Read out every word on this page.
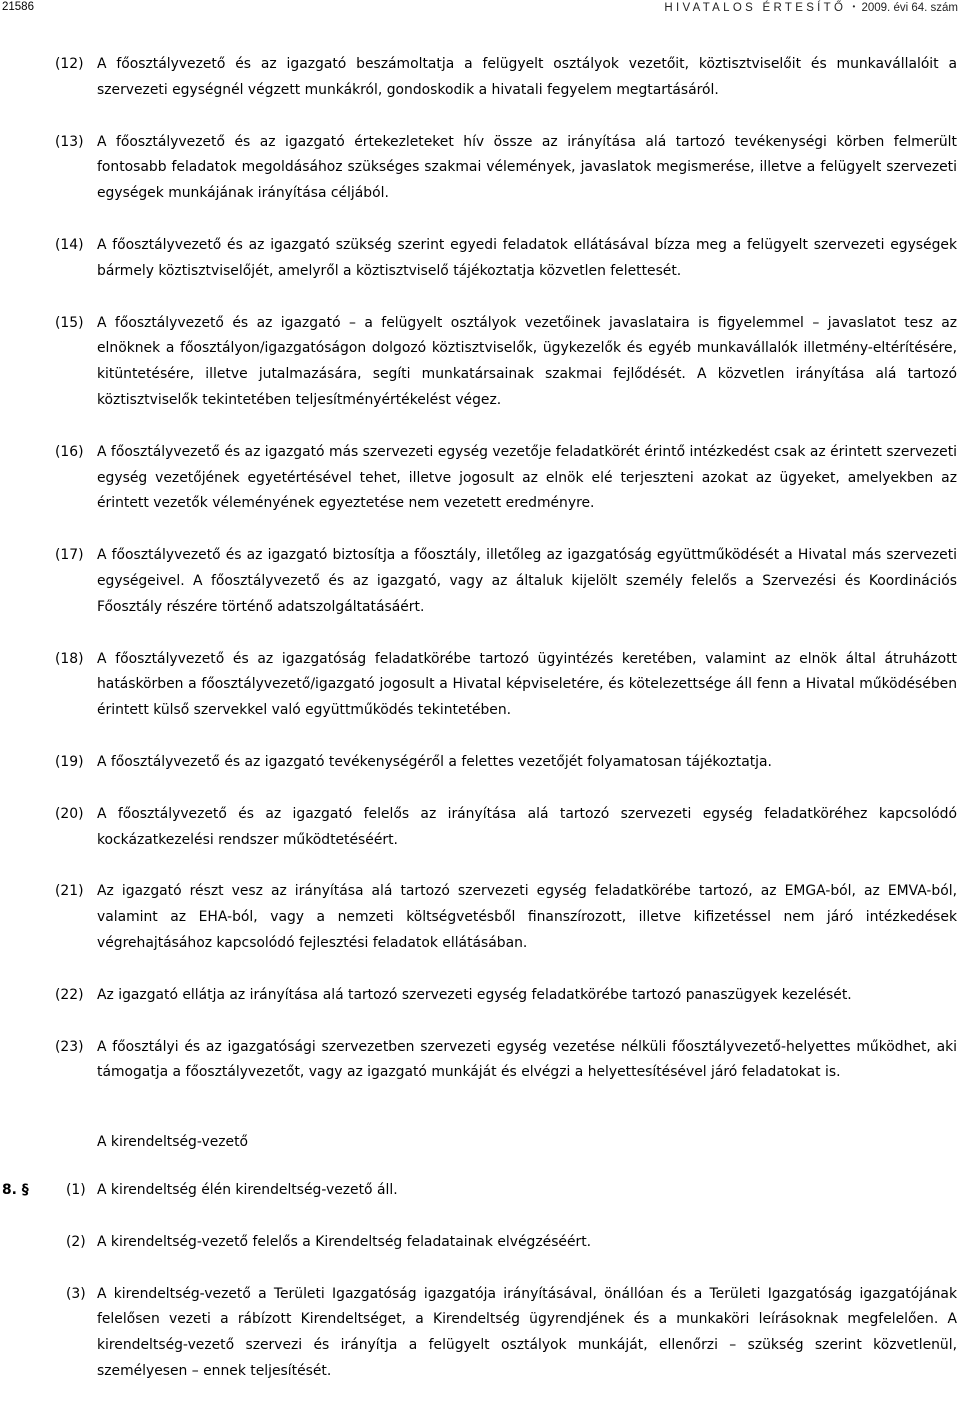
21586	HIVATALOS ÉRTESÍTŐ • 2009. évi 64. szám
(12) A főosztályvezető és az igazgató beszámoltatja a felügyelt osztályok vezetőit, köztisztviselőit és munkavállalóit a szervezeti egységnél végzett munkákról, gondoskodik a hivatali fegyelem megtartásáról.
(13) A főosztályvezető és az igazgató értekezleteket hív össze az irányítása alá tartozó tevékenységi körben felmerült fontosabb feladatok megoldásához szükséges szakmai vélemények, javaslatok megismerése, illetve a felügyelt szervezeti egységek munkájának irányítása céljából.
(14) A főosztályvezető és az igazgató szükség szerint egyedi feladatok ellátásával bízza meg a felügyelt szervezeti egységek bármely köztisztviselőjét, amelyről a köztisztviselő tájékoztatja közvetlen felettesét.
(15) A főosztályvezető és az igazgató – a felügyelt osztályok vezetőinek javaslataira is figyelemmel – javaslatot tesz az elnöknek a főosztályon/igazgatóságon dolgozó köztisztviselők, ügykezelők és egyéb munkavállalók illetmény-eltérítésére, kitüntetésére, illetve jutalmazására, segíti munkatársainak szakmai fejlődését. A közvetlen irányítása alá tartozó köztisztviselők tekintetében teljesítményértékelést végez.
(16) A főosztályvezető és az igazgató más szervezeti egység vezetője feladatkörét érintő intézkedést csak az érintett szervezeti egység vezetőjének egyetértésével tehet, illetve jogosult az elnök elé terjeszteni azokat az ügyeket, amelyekben az érintett vezetők véleményének egyeztetése nem vezetett eredményre.
(17) A főosztályvezető és az igazgató biztosítja a főosztály, illetőleg az igazgatóság együttműködését a Hivatal más szervezeti egységeivel. A főosztályvezető és az igazgató, vagy az általuk kijelölt személy felelős a Szervezési és Koordinációs Főosztály részére történő adatszolgáltatásáért.
(18) A főosztályvezető és az igazgatóság feladatkörébe tartozó ügyintézés keretében, valamint az elnök által átruházott hatáskörben a főosztályvezető/igazgató jogosult a Hivatal képviseletére, és kötelezettsége áll fenn a Hivatal működésében érintett külső szervekkel való együttműködés tekintetében.
(19) A főosztályvezető és az igazgató tevékenységéről a felettes vezetőjét folyamatosan tájékoztatja.
(20) A főosztályvezető és az igazgató felelős az irányítása alá tartozó szervezeti egység feladatköréhez kapcsolódó kockázatkezelési rendszer működtetéséért.
(21) Az igazgató részt vesz az irányítása alá tartozó szervezeti egység feladatkörébe tartozó, az EMGA-ból, az EMVA-ból, valamint az EHA-ból, vagy a nemzeti költségvetésből finanszírozott, illetve kifizetéssel nem járó intézkedések végrehajtásához kapcsolódó fejlesztési feladatok ellátásában.
(22) Az igazgató ellátja az irányítása alá tartozó szervezeti egység feladatkörébe tartozó panaszügyek kezelését.
(23) A főosztályi és az igazgatósági szervezetben szervezeti egység vezetése nélküli főosztályvezető-helyettes működhet, aki támogatja a főosztályvezetőt, vagy az igazgató munkáját és elvégzi a helyettesítésével járó feladatokat is.
A kirendeltség-vezető
8. §	(1) A kirendeltség élén kirendeltség-vezető áll.
(2) A kirendeltség-vezető felelős a Kirendeltség feladatainak elvégzéséért.
(3) A kirendeltség-vezető a Területi Igazgatóság igazgatója irányításával, önállóan és a Területi Igazgatóság igazgatójának felelősen vezeti a rábízott Kirendeltséget, a Kirendeltség ügyrendjének és a munkaköri leírásoknak megfelelően. A kirendeltség-vezető szervezi és irányítja a felügyelt osztályok munkáját, ellenőrzi – szükség szerint közvetlenül, személyesen – ennek teljesítését.
